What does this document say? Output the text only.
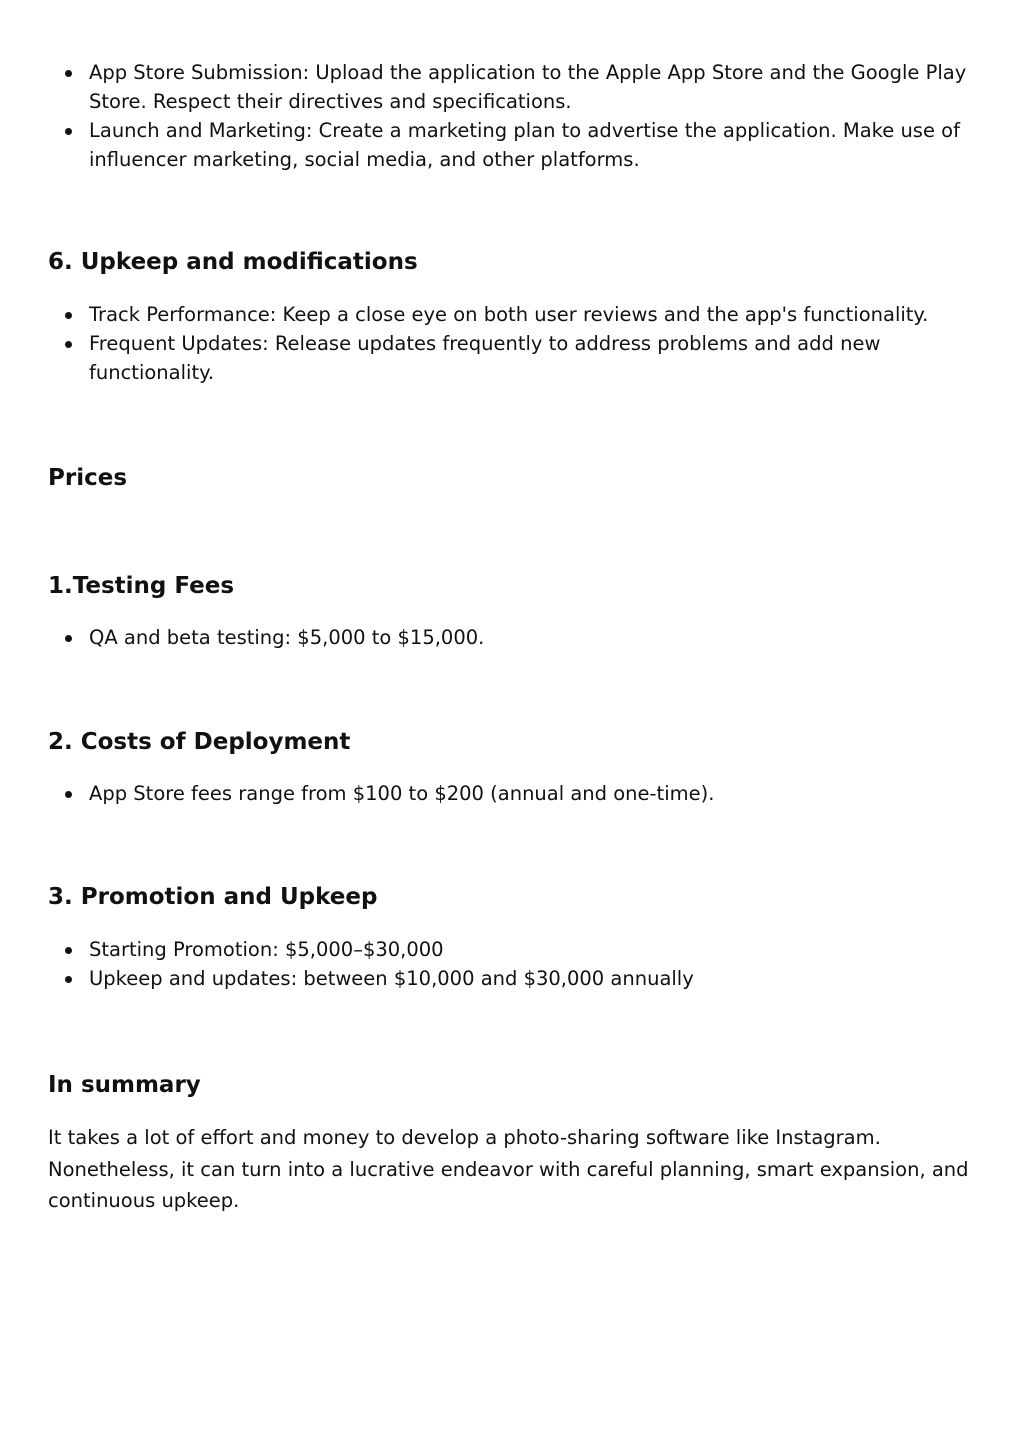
App Store Submission: Upload the application to the Apple App Store and the Google Play Store. Respect their directives and specifications.
Launch and Marketing: Create a marketing plan to advertise the application. Make use of influencer marketing, social media, and other platforms.
6. Upkeep and modifications
Track Performance: Keep a close eye on both user reviews and the app's functionality.
Frequent Updates: Release updates frequently to address problems and add new functionality.
Prices
1.Testing Fees
QA and beta testing: $5,000 to $15,000.
2. Costs of Deployment
App Store fees range from $100 to $200 (annual and one-time).
3. Promotion and Upkeep
Starting Promotion: $5,000–$30,000
Upkeep and updates: between $10,000 and $30,000 annually
In summary

It takes a lot of effort and money to develop a photo-sharing software like Instagram. Nonetheless, it can turn into a lucrative endeavor with careful planning, smart expansion, and continuous upkeep.
